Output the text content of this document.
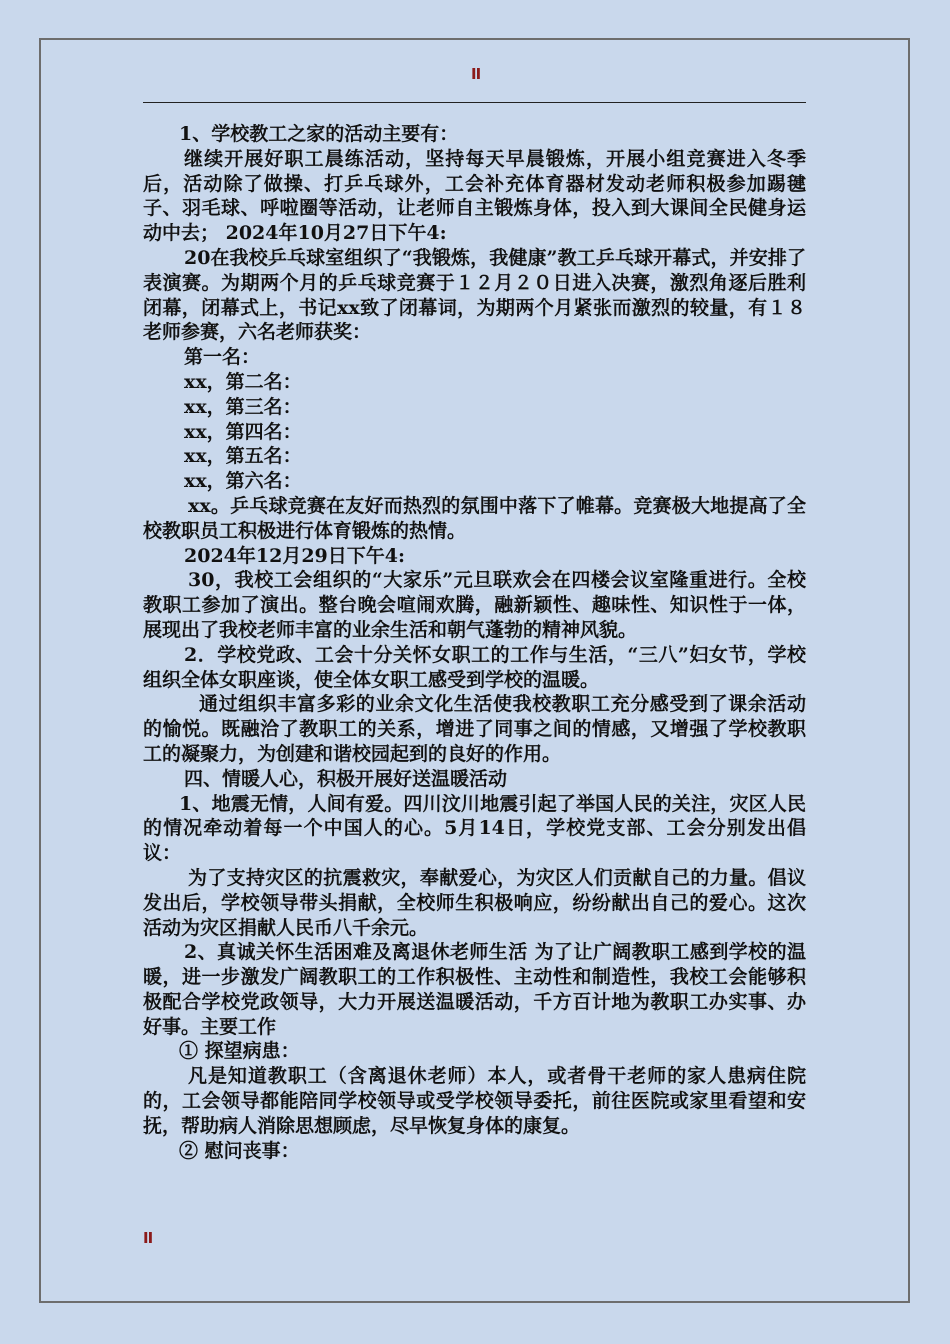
II

1、学校教工之家的活动主要有：

继续开展好职工晨练活动，坚持每天早晨锻炼，开展小组竞赛进入冬季后，活动除了做操、打乒乓球外，工会补充体育器材发动老师积极参加踢毽子、羽毛球、呼啦圈等活动，让老师自主锻炼身体，投入到大课间全民健身运动中去； 2024年10月27日下午4:

20在我校乒乓球室组织了“我锻炼，我健康”教工乒乓球开幕式，并安排了表演赛。为期两个月的乒乓球竞赛于１２月２０日进入决赛，激烈角逐后胜利闭幕，闭幕式上，书记xx致了闭幕词，为期两个月紧张而激烈的较量，有１８老师参赛，六名老师获奖：

第一名：

xx，第二名：

xx，第三名：

xx，第四名：

xx，第五名：

xx，第六名：

xx。乒乓球竞赛在友好而热烈的氛围中落下了帷幕。竞赛极大地提高了全校教职员工积极进行体育锻炼的热情。

2024年12月29日下午4:

30，我校工会组织的“大家乐”元旦联欢会在四楼会议室隆重进行。全校教职工参加了演出。整台晚会喧闹欢腾，融新颖性、趣味性、知识性于一体，展现出了我校老师丰富的业余生活和朝气蓬勃的精神风貌。

2．学校党政、工会十分关怀女职工的工作与生活，“三八”妇女节，学校组织全体女职座谈，使全体女职工感受到学校的温暖。

通过组织丰富多彩的业余文化生活使我校教职工充分感受到了课余活动的愉悦。既融洽了教职工的关系，增进了同事之间的情感，又增强了学校教职工的凝聚力，为创建和谐校园起到的良好的作用。

四、情暖人心，积极开展好送温暖活动

1、地震无情，人间有爱。四川汶川地震引起了举国人民的关注，灾区人民的情况牵动着每一个中国人的心。5月14日，学校党支部、工会分别发出倡议：

为了支持灾区的抗震救灾，奉献爱心，为灾区人们贡献自己的力量。倡议发出后，学校领导带头捐献，全校师生积极响应，纷纷献出自己的爱心。这次活动为灾区捐献人民币八千余元。

2、真诚关怀生活困难及离退休老师生活 为了让广阔教职工感到学校的温暖，进一步激发广阔教职工的工作积极性、主动性和制造性，我校工会能够积极配合学校党政领导，大力开展送温暖活动，千方百计地为教职工办实事、办好事。主要工作

① 探望病患：

凡是知道教职工（含离退休老师）本人，或者骨干老师的家人患病住院的，工会领导都能陪同学校领导或受学校领导委托，前往医院或家里看望和安抚，帮助病人消除思想顾虑，尽早恢复身体的康复。

② 慰问丧事：

II
